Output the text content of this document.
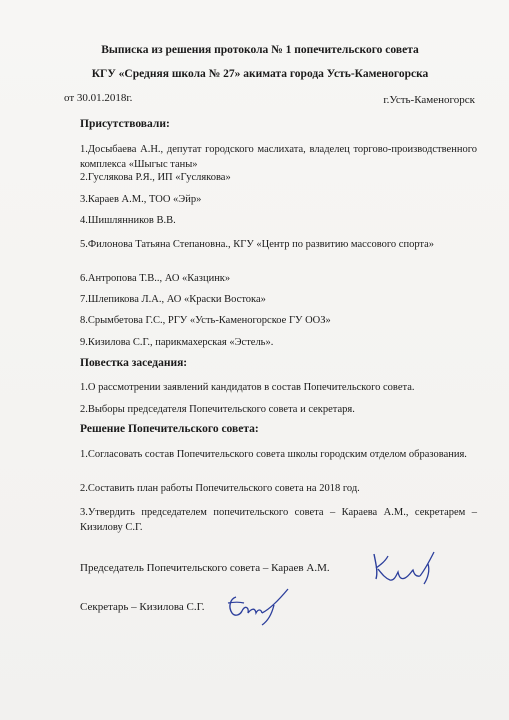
Выписка из решения протокола № 1 попечительского совета
КГУ «Средняя школа № 27» акимата города Усть-Каменогорска
от 30.01.2018г.	г.Усть-Каменогорск
Присутствовали:
1.Досыбаева А.Н., депутат городского маслихата, владелец торгово-производственного комплекса «Шыгыс таны»
2.Гуслякова Р.Я., ИП «Гуслякова»
3.Караев А.М., ТОО «Эйр»
4.Шишлянников В.В.
5.Филонова Татьяна Степановна., КГУ «Центр по развитию массового спорта»
6.Антропова Т.В.., АО «Казцинк»
7.Шлепикова Л.А., АО «Краски Востока»
8.Срымбетова Г.С., РГУ «Усть-Каменогорское ГУ ООЗ»
9.Кизилова С.Г., парикмахерская «Эстель».
Повестка заседания:
1.О рассмотрении заявлений кандидатов в состав Попечительского совета.
2.Выборы председателя Попечительского совета и секретаря.
Решение Попечительского совета:
1.Согласовать состав Попечительского совета школы городским отделом образования.
2.Составить план работы Попечительского совета на 2018 год.
3.Утвердить председателем попечительского совета – Караева А.М., секретарем – Кизилову С.Г.
Председатель Попечительского совета – Караев А.М.
Секретарь – Кизилова С.Г.
